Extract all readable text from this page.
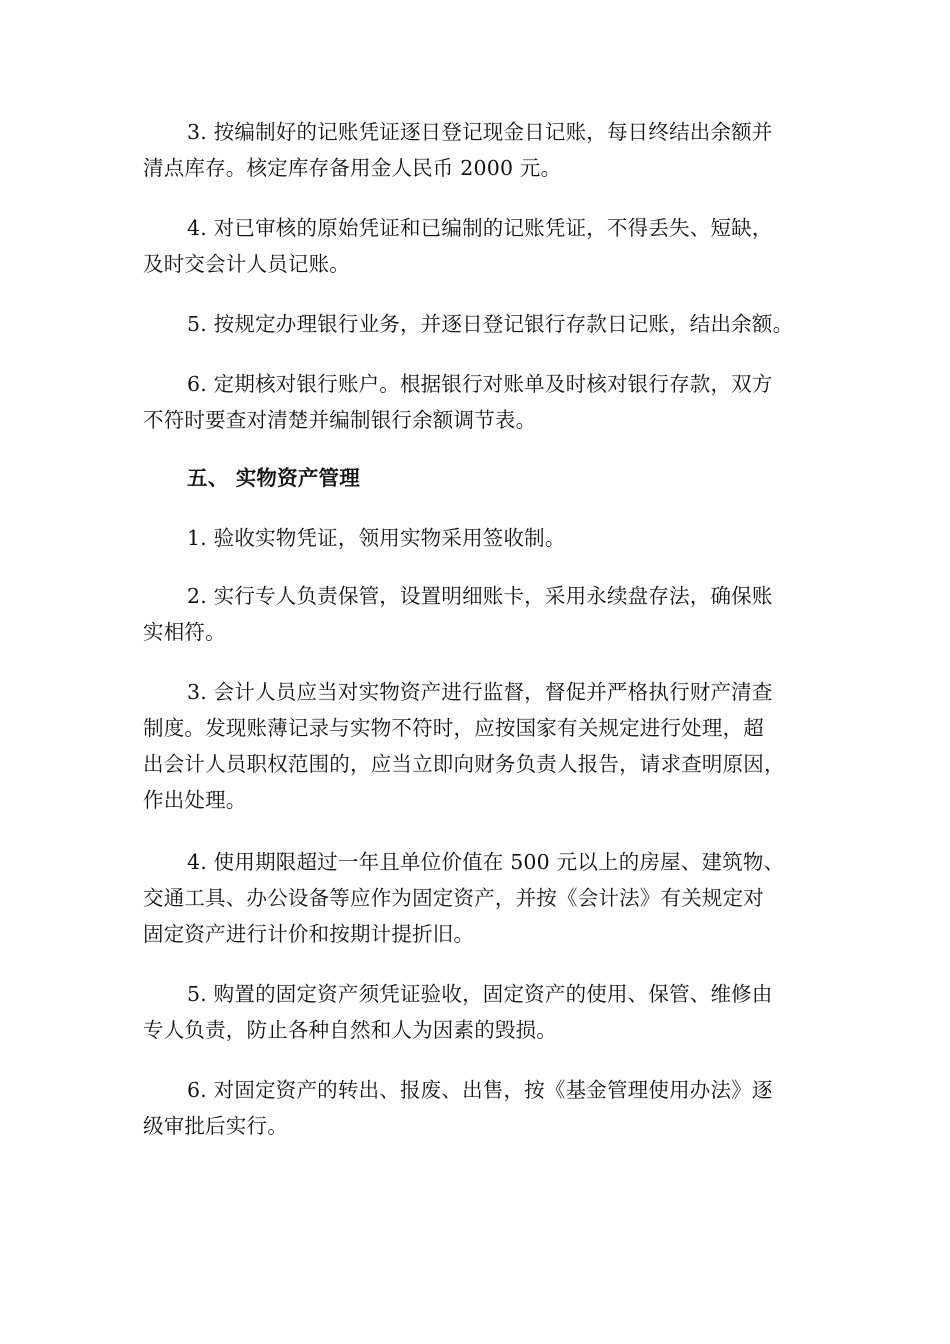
3. 按编制好的记账凭证逐日登记现金日记账，每日终结出余额并
清点库存。核定库存备用金人民币 2000 元。

4. 对已审核的原始凭证和已编制的记账凭证，不得丢失、短缺，
及时交会计人员记账。

5. 按规定办理银行业务，并逐日登记银行存款日记账，结出余额。

6. 定期核对银行账户。根据银行对账单及时核对银行存款，双方
不符时要查对清楚并编制银行余额调节表。

五、 实物资产管理

1. 验收实物凭证，领用实物采用签收制。

2. 实行专人负责保管，设置明细账卡，采用永续盘存法，确保账
实相符。

3. 会计人员应当对实物资产进行监督，督促并严格执行财产清查
制度。发现账薄记录与实物不符时，应按国家有关规定进行处理，超
出会计人员职权范围的，应当立即向财务负责人报告，请求查明原因，
作出处理。

4. 使用期限超过一年且单位价值在 500 元以上的房屋、建筑物、
交通工具、办公设备等应作为固定资产，并按《会计法》有关规定对
固定资产进行计价和按期计提折旧。

5. 购置的固定资产须凭证验收，固定资产的使用、保管、维修由
专人负责，防止各种自然和人为因素的毁损。

6. 对固定资产的转出、报废、出售，按《基金管理使用办法》逐
级审批后实行。
